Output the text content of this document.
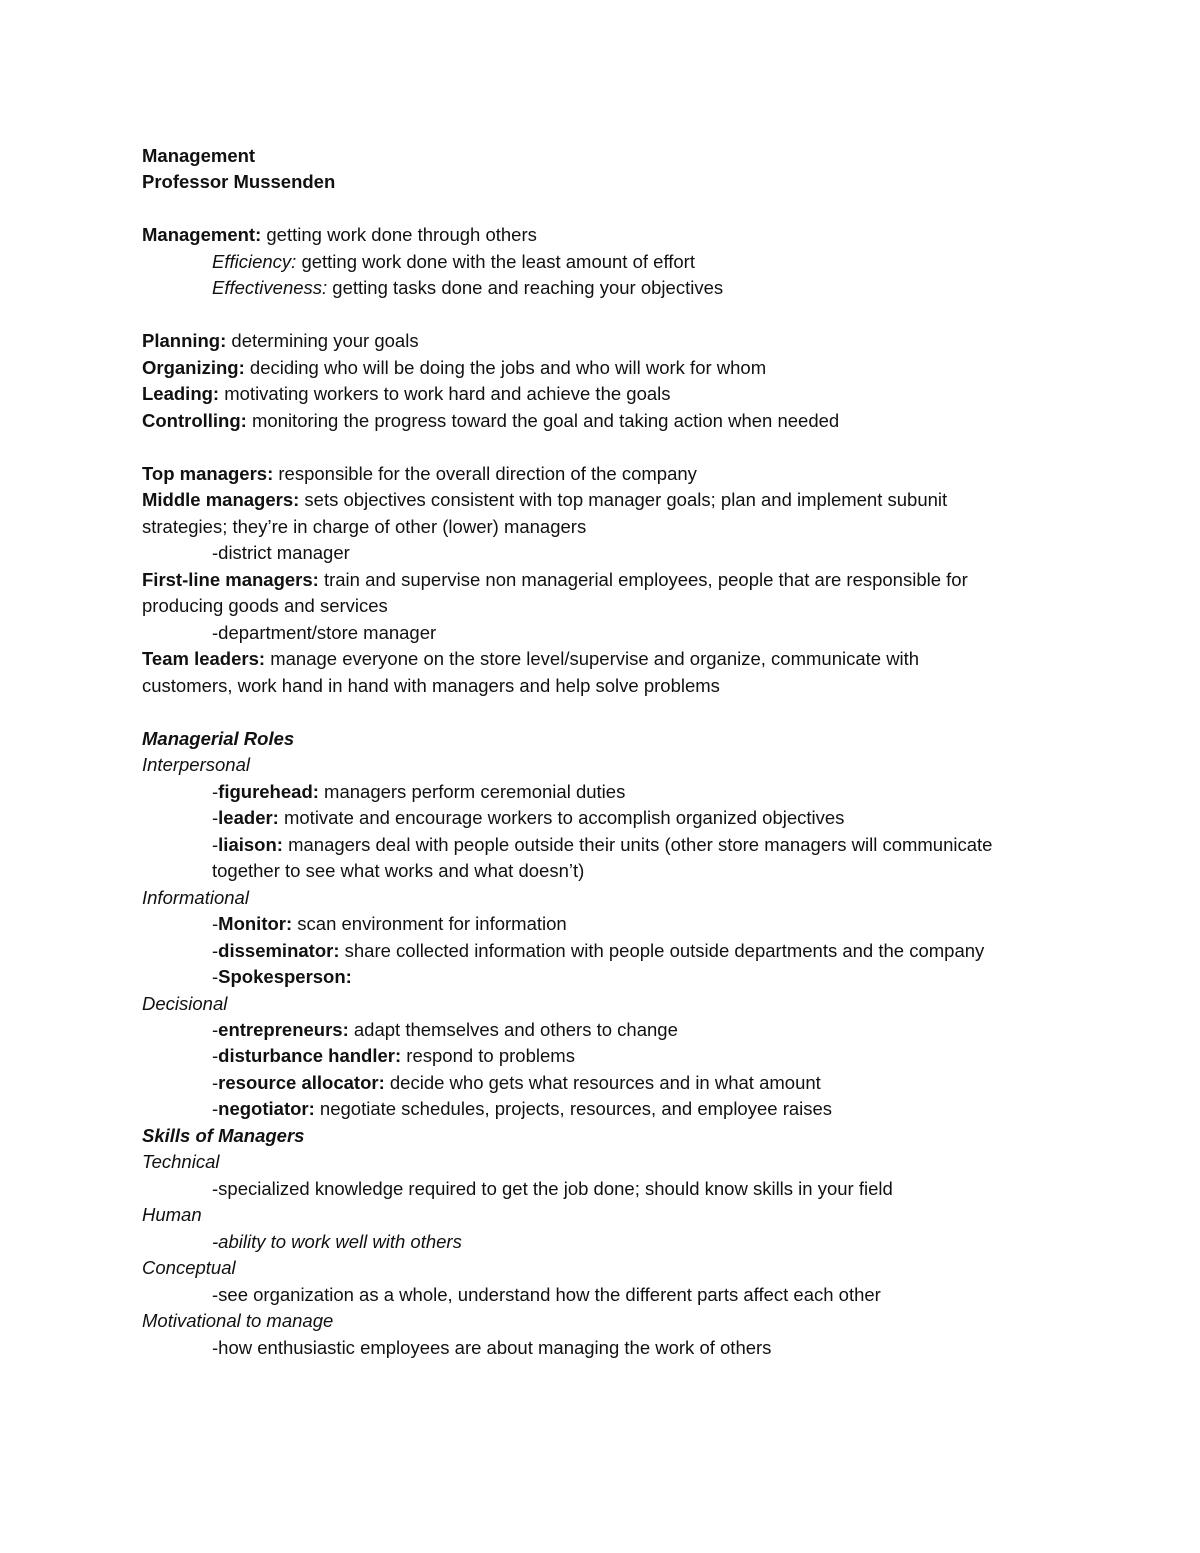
Management
Professor Mussenden
Management: getting work done through others
Efficiency: getting work done with the least amount of effort
Effectiveness: getting tasks done and reaching your objectives
Planning: determining your goals
Organizing: deciding who will be doing the jobs and who will work for whom
Leading: motivating workers to work hard and achieve the goals
Controlling: monitoring the progress toward the goal and taking action when needed
Top managers: responsible for the overall direction of the company
Middle managers: sets objectives consistent with top manager goals; plan and implement subunit
strategies; they’re in charge of other (lower) managers
-district manager
First-line managers: train and supervise non managerial employees, people that are responsible for
producing goods and services
-department/store manager
Team leaders: manage everyone on the store level/supervise and organize, communicate with
customers, work hand in hand with managers and help solve problems
Managerial Roles
Interpersonal
-figurehead: managers perform ceremonial duties
-leader: motivate and encourage workers to accomplish organized objectives
-liaison: managers deal with people outside their units (other store managers will communicate
together to see what works and what doesn’t)
Informational
-Monitor: scan environment for information
-disseminator: share collected information with people outside departments and the company
-Spokesperson:
Decisional
-entrepreneurs: adapt themselves and others to change
-disturbance handler: respond to problems
-resource allocator: decide who gets what resources and in what amount
-negotiator: negotiate schedules, projects, resources, and employee raises
Skills of Managers
Technical
-specialized knowledge required to get the job done; should know skills in your field
Human
-ability to work well with others
Conceptual
-see organization as a whole, understand how the different parts affect each other
Motivational to manage
-how enthusiastic employees are about managing the work of others
